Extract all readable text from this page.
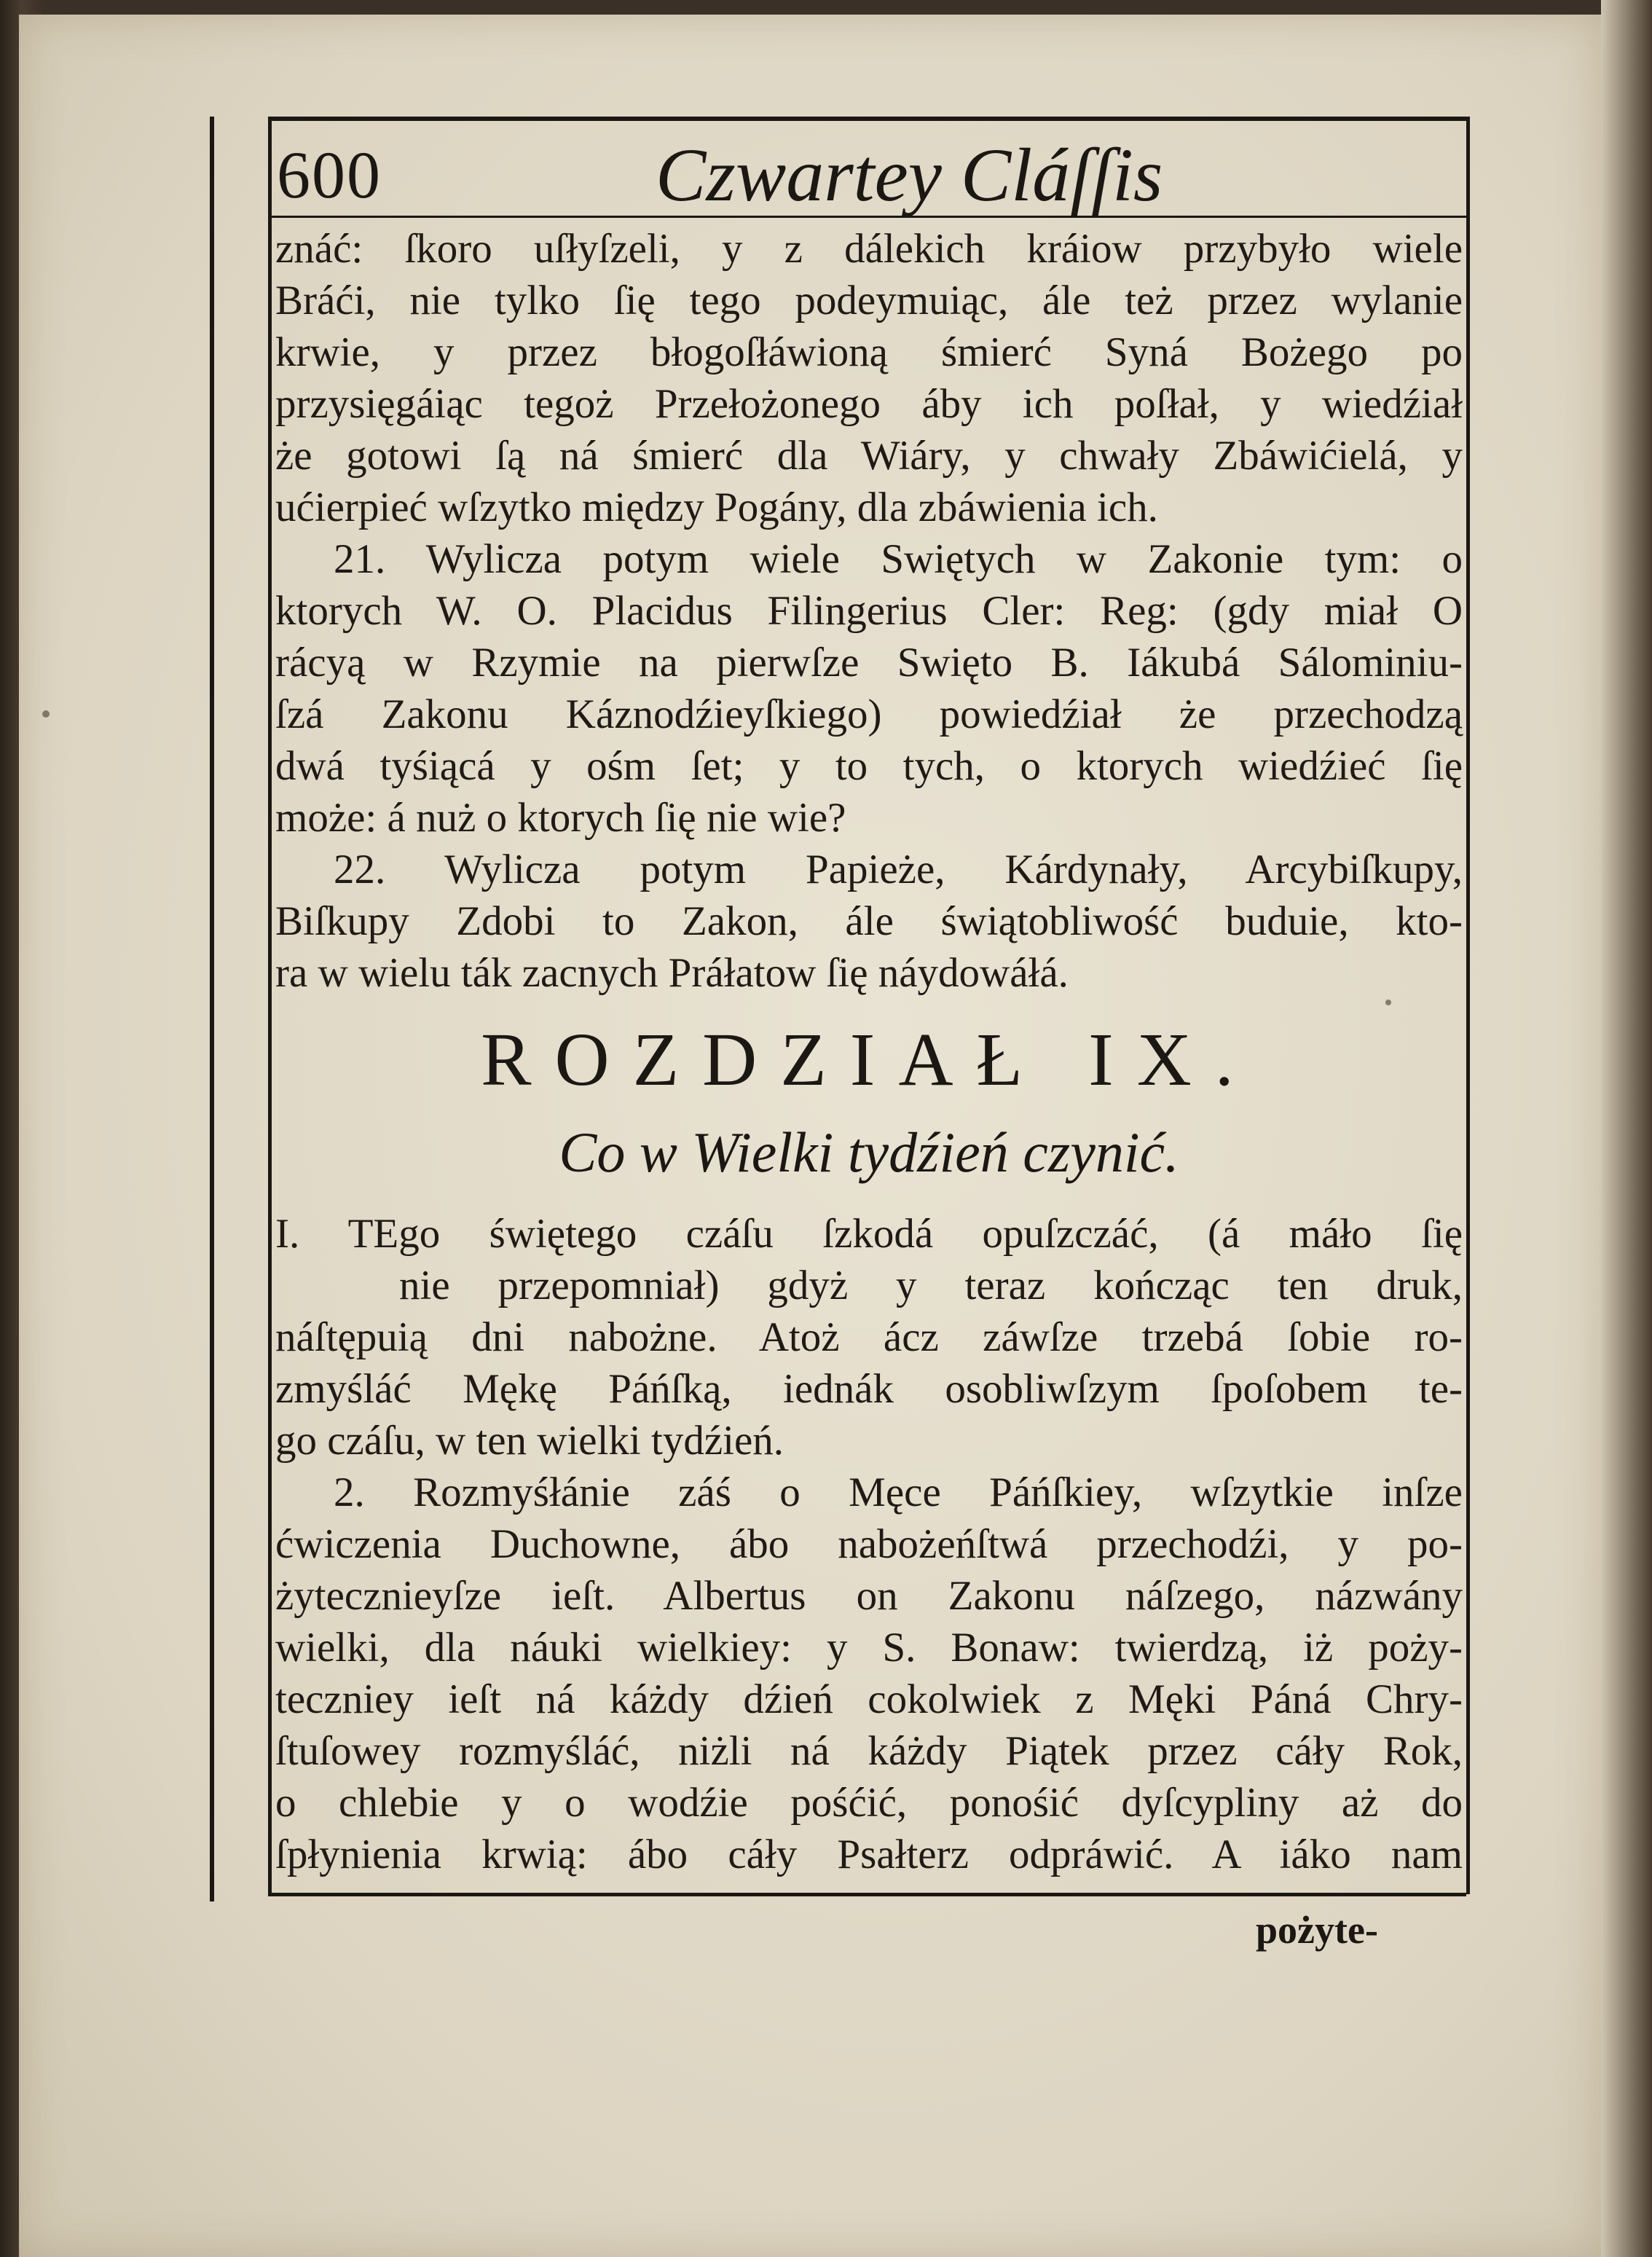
600	Czwartey Cláſſis
znáć: ſkoro uſłyſzeli, y z dálekich kráiow przybyło wiele
Bráći, nie tylko ſię tego podeymuiąc, ále też przez wylanie
krwie, y przez błogoſłáwioną śmierć Syná Bożego po
przysięgáiąc tegoż Przełożonego áby ich poſłał, y wiedźiał
że gotowi ſą ná śmierć dla Wiáry, y chwały Zbáwićielá, y
ućierpieć wſzytko między Pogány, dla zbáwienia ich.
21. Wylicza potym wiele Swiętych w Zakonie tym: o
ktorych W. O. Placidus Filingerius Cler: Reg: (gdy miał O
rácyą w Rzymie na pierwſze Swięto B. Iákubá Sálominiu-
ſzá Zakonu Káznodźieyſkiego) powiedźiał że przechodzą
dwá tyśiącá y ośm ſet; y to tych, o ktorych wiedźieć ſię
może: á nuż o ktorych ſię nie wie?
22. Wylicza potym Papieże, Kárdynały, Arcybiſkupy,
Biſkupy Zdobi to Zakon, ále świątobliwość buduie, kto-
ra w wielu ták zacnych Práłatow ſię náydowáłá.
ROZDZIAŁ IX.
Co w Wielki tydźień czynić.
I. TEgo świętego czáſu ſzkodá opuſzczáć, (á máło ſię
nie przepomniał) gdyż y teraz kończąc ten druk,
náſtępuią dni nabożne. Atoż ácz záwſze trzebá ſobie ro-
zmyśláć Mękę Páńſką, iednák osobliwſzym ſpoſobem te-
go czáſu, w ten wielki tydźień.
2. Rozmyśłánie záś o Męce Páńſkiey, wſzytkie inſze
ćwiczenia Duchowne, ábo nabożeńſtwá przechodźi, y po-
żytecznieyſze ieſt. Albertus on Zakonu náſzego, názwány
wielki, dla náuki wielkiey: y S. Bonaw: twierdzą, iż poży-
teczniey ieſt ná káżdy dźień cokolwiek z Męki Páná Chry-
ſtuſowey rozmyśláć, niżli ná káżdy Piątek przez cáły Rok,
o chlebie y o wodźie pośćić, ponośić dyſcypliny aż do
ſpłynienia krwią: ábo cáły Psałterz odpráwić. A iáko nam
pożyte-
